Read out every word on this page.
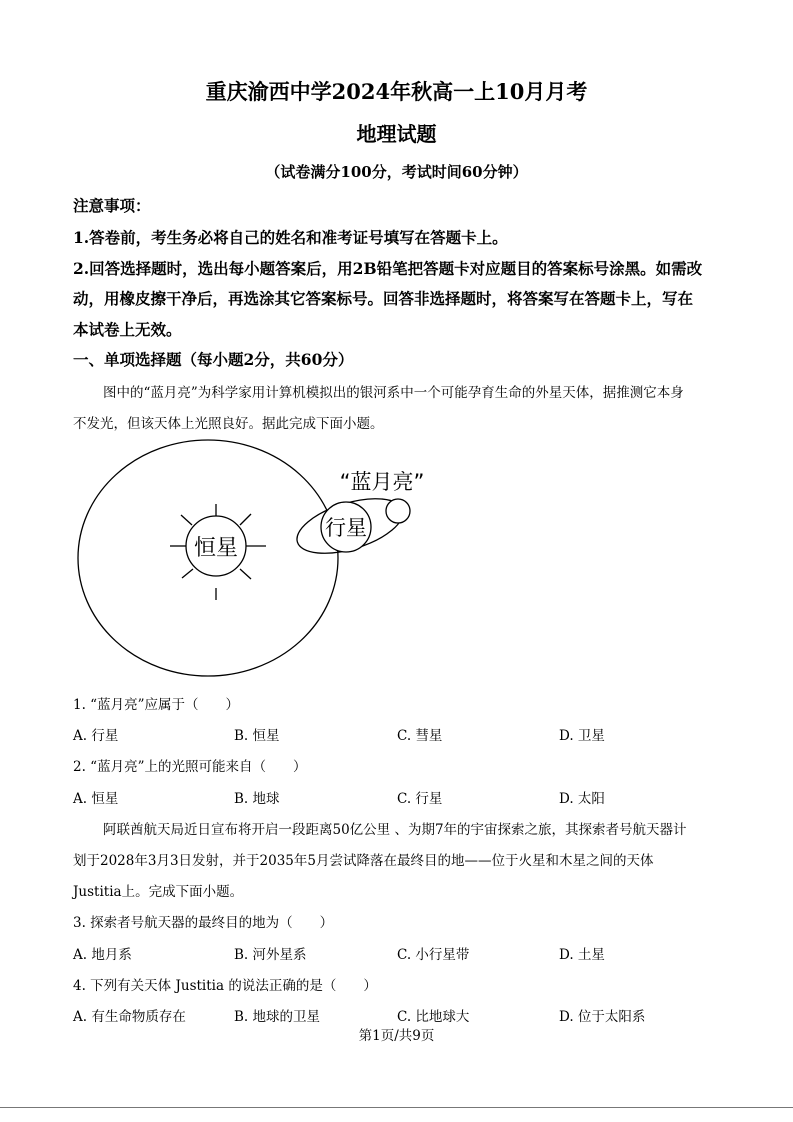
重庆渝西中学2024年秋高一上10月月考
地理试题
（试卷满分100分，考试时间60分钟）
注意事项：
1.答卷前，考生务必将自己的姓名和准考证号填写在答题卡上。
2.回答选择题时，选出每小题答案后，用2B铅笔把答题卡对应题目的答案标号涂黑。如需改
动，用橡皮擦干净后，再选涂其它答案标号。回答非选择题时，将答案写在答题卡上，写在
本试卷上无效。
一、单项选择题（每小题2分，共60分）
图中的“蓝月亮”为科学家用计算机模拟出的银河系中一个可能孕育生命的外星天体，据推测它本身
不发光，但该天体上光照良好。据此完成下面小题。
恒星
行星
“蓝月亮”
1. “蓝月亮”应属于（　　）
A. 行星	B. 恒星	C. 彗星	D. 卫星
2. “蓝月亮”上的光照可能来自（　　）
A. 恒星	B. 地球	C. 行星	D. 太阳
阿联酋航天局近日宣布将开启一段距离50亿公里 、为期7年的宇宙探索之旅，其探索者号航天器计
划于2028年3月3日发射，并于2035年5月尝试降落在最终目的地——位于火星和木星之间的天体
Justitia上。完成下面小题。
3. 探索者号航天器的最终目的地为（　　）
A. 地月系	B. 河外星系	C. 小行星带	D. 土星
4. 下列有关天体 Justitia 的说法正确的是（　　）
A. 有生命物质存在	B. 地球的卫星	C. 比地球大	D. 位于太阳系
第1页/共9页
